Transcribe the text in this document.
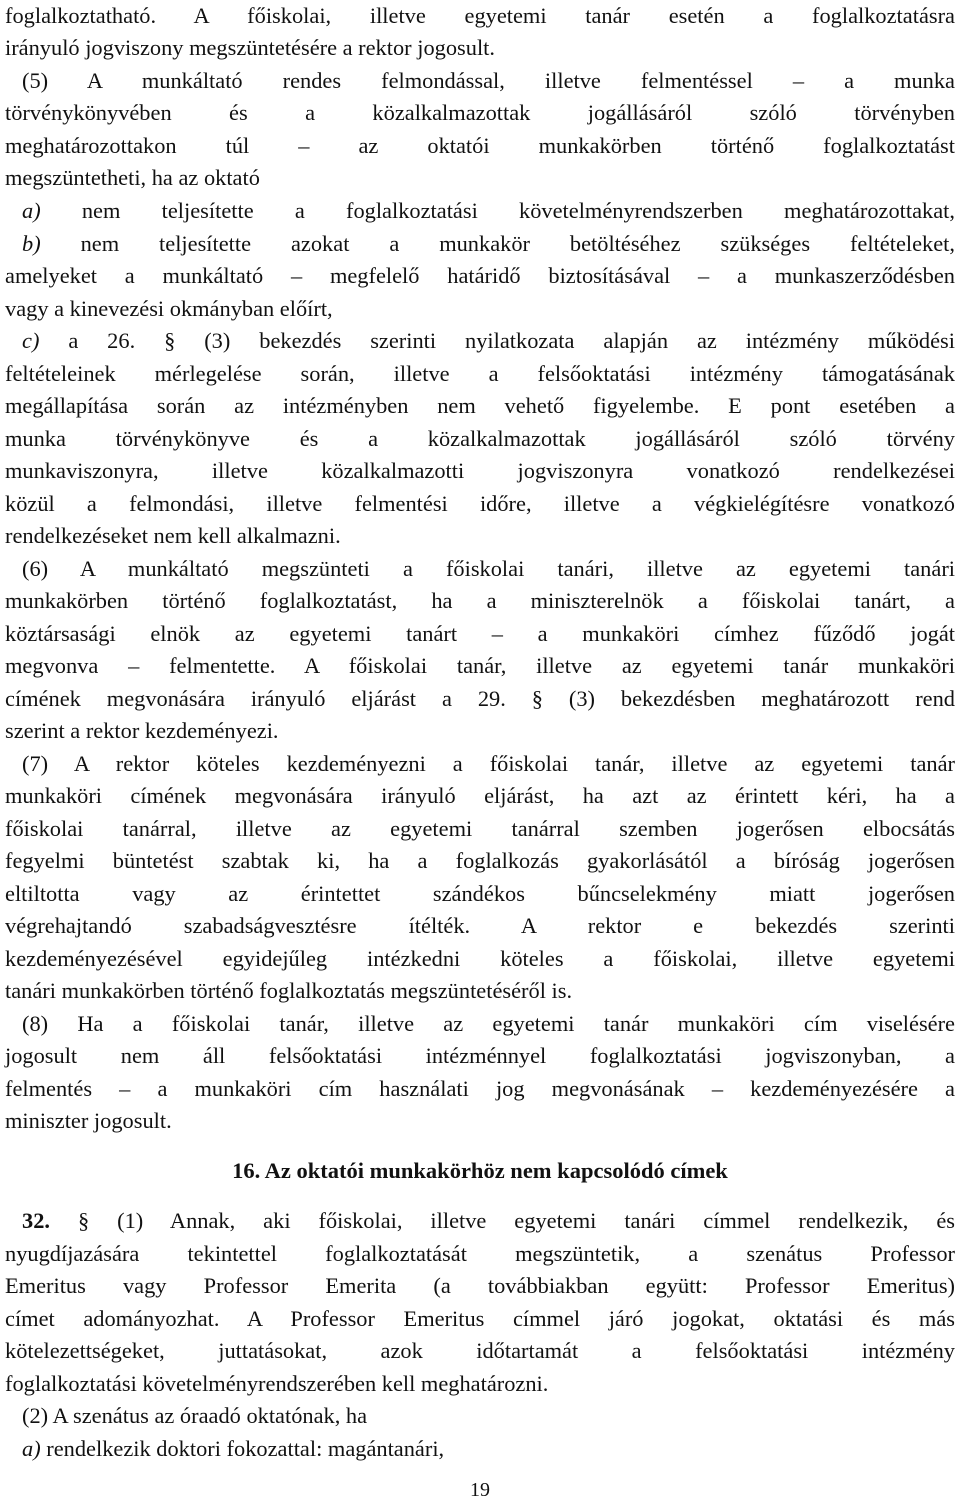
foglalkoztatható. A főiskolai, illetve egyetemi tanár esetén a foglalkoztatásra
irányuló jogviszony megszüntetésére a rektor jogosult.
(5) A munkáltató rendes felmondással, illetve felmentéssel – a munka
törvénykönyvében és a közalkalmazottak jogállásáról szóló törvényben
meghatározottakon túl – az oktatói munkakörben történő foglalkoztatást
megszüntetheti, ha az oktató
a) nem teljesítette a foglalkoztatási követelményrendszerben meghatározottakat,
b) nem teljesítette azokat a munkakör betöltéséhez szükséges feltételeket,
amelyeket a munkáltató – megfelelő határidő biztosításával – a munkaszerződésben
vagy a kinevezési okmányban előírt,
c) a 26. § (3) bekezdés szerinti nyilatkozata alapján az intézmény működési
feltételeinek mérlegelése során, illetve a felsőoktatási intézmény támogatásának
megállapítása során az intézményben nem vehető figyelembe. E pont esetében a
munka törvénykönyve és a közalkalmazottak jogállásáról szóló törvény
munkaviszonyra, illetve közalkalmazotti jogviszonyra vonatkozó rendelkezései
közül a felmondási, illetve felmentési időre, illetve a végkielégítésre vonatkozó
rendelkezéseket nem kell alkalmazni.
(6) A munkáltató megszünteti a főiskolai tanári, illetve az egyetemi tanári
munkakörben történő foglalkoztatást, ha a miniszterelnök a főiskolai tanárt, a
köztársasági elnök az egyetemi tanárt – a munkaköri címhez fűződő jogát
megvonva – felmentette. A főiskolai tanár, illetve az egyetemi tanár munkaköri
címének megvonására irányuló eljárást a 29. § (3) bekezdésben meghatározott rend
szerint a rektor kezdeményezi.
(7) A rektor köteles kezdeményezni a főiskolai tanár, illetve az egyetemi tanár
munkaköri címének megvonására irányuló eljárást, ha azt az érintett kéri, ha a
főiskolai tanárral, illetve az egyetemi tanárral szemben jogerősen elbocsátás
fegyelmi büntetést szabtak ki, ha a foglalkozás gyakorlásától a bíróság jogerősen
eltiltotta vagy az érintettet szándékos bűncselekmény miatt jogerősen
végrehajtandó szabadságvesztésre ítélték. A rektor e bekezdés szerinti
kezdeményezésével egyidejűleg intézkedni köteles a főiskolai, illetve egyetemi
tanári munkakörben történő foglalkoztatás megszüntetéséről is.
(8) Ha a főiskolai tanár, illetve az egyetemi tanár munkaköri cím viselésére
jogosult nem áll felsőoktatási intézménnyel foglalkoztatási jogviszonyban, a
felmentés – a munkaköri cím használati jog megvonásának – kezdeményezésére a
miniszter jogosult.
16. Az oktatói munkakörhöz nem kapcsolódó címek
32. § (1) Annak, aki főiskolai, illetve egyetemi tanári címmel rendelkezik, és
nyugdíjazására tekintettel foglalkoztatását megszüntetik, a szenátus Professor
Emeritus vagy Professor Emerita (a továbbiakban együtt: Professor Emeritus)
címet adományozhat. A Professor Emeritus címmel járó jogokat, oktatási és más
kötelezettségeket, juttatásokat, azok időtartamát a felsőoktatási intézmény
foglalkoztatási követelményrendszerében kell meghatározni.
(2) A szenátus az óraadó oktatónak, ha
a) rendelkezik doktori fokozattal: magántanári,
19
